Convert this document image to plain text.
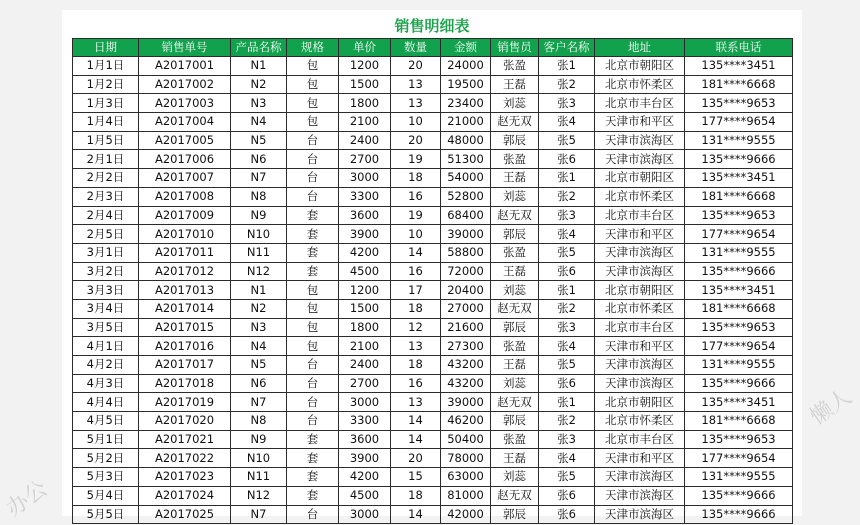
销售明细表
日期	销售单号	产品名称	规格	单价	数量	金额	销售员	客户名称	地址	联系电话
1月1日	A2017001	N1	包	1200	20	24000	张盈	张1	北京市朝阳区	135****3451
1月2日	A2017002	N2	包	1500	13	19500	王磊	张2	北京市怀柔区	181****6668
1月3日	A2017003	N3	包	1800	13	23400	刘蕊	张3	北京市丰台区	135****9653
1月4日	A2017004	N4	包	2100	10	21000	赵无双	张4	天津市和平区	177****9654
1月5日	A2017005	N5	台	2400	20	48000	郭辰	张5	天津市滨海区	131****9555
2月1日	A2017006	N6	台	2700	19	51300	张盈	张6	天津市滨海区	135****9666
2月2日	A2017007	N7	台	3000	18	54000	王磊	张1	北京市朝阳区	135****3451
2月3日	A2017008	N8	台	3300	16	52800	刘蕊	张2	北京市怀柔区	181****6668
2月4日	A2017009	N9	套	3600	19	68400	赵无双	张3	北京市丰台区	135****9653
2月5日	A2017010	N10	套	3900	10	39000	郭辰	张4	天津市和平区	177****9654
3月1日	A2017011	N11	套	4200	14	58800	张盈	张5	天津市滨海区	131****9555
3月2日	A2017012	N12	套	4500	16	72000	王磊	张6	天津市滨海区	135****9666
3月3日	A2017013	N1	包	1200	17	20400	刘蕊	张1	北京市朝阳区	135****3451
3月4日	A2017014	N2	包	1500	18	27000	赵无双	张2	北京市怀柔区	181****6668
3月5日	A2017015	N3	包	1800	12	21600	郭辰	张3	北京市丰台区	135****9653
4月1日	A2017016	N4	包	2100	13	27300	张盈	张4	天津市和平区	177****9654
4月2日	A2017017	N5	台	2400	18	43200	王磊	张5	天津市滨海区	131****9555
4月3日	A2017018	N6	台	2700	16	43200	刘蕊	张6	天津市滨海区	135****9666
4月4日	A2017019	N7	台	3000	13	39000	赵无双	张1	北京市朝阳区	135****3451
4月5日	A2017020	N8	台	3300	14	46200	郭辰	张2	北京市怀柔区	181****6668
5月1日	A2017021	N9	套	3600	14	50400	张盈	张3	北京市丰台区	135****9653
5月2日	A2017022	N10	套	3900	20	78000	王磊	张4	天津市和平区	177****9654
5月3日	A2017023	N11	套	4200	15	63000	刘蕊	张5	天津市滨海区	131****9555
5月4日	A2017024	N12	套	4500	18	81000	赵无双	张6	天津市滨海区	135****9666
5月5日	A2017025	N7	台	3000	14	42000	郭辰	张6	天津市滨海区	135****9666
办公
懒人
